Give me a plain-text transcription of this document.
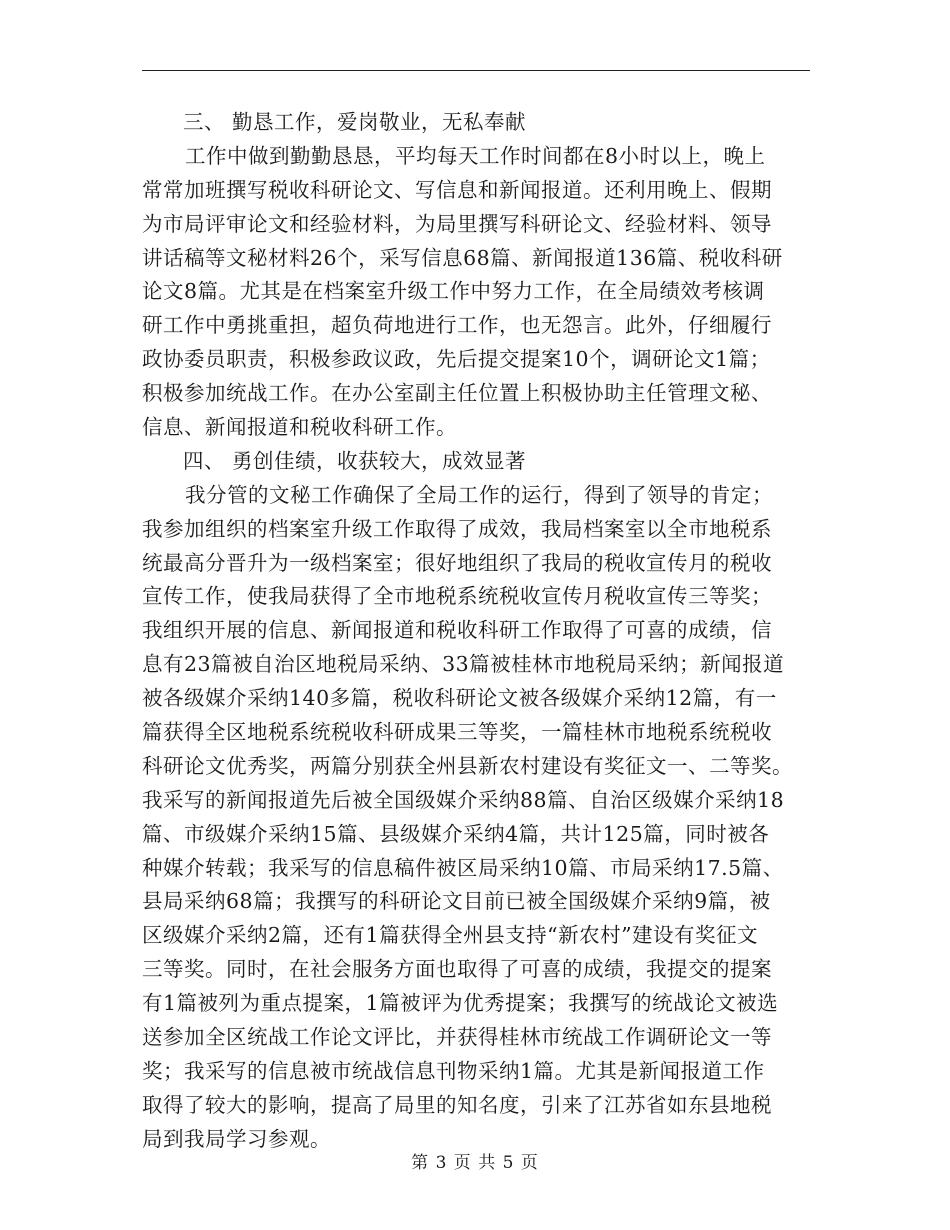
三、 勤恳工作，爱岗敬业，无私奉献
工作中做到勤勤恳恳，平均每天工作时间都在8小时以上，晚上
常常加班撰写税收科研论文、写信息和新闻报道。还利用晚上、假期
为市局评审论文和经验材料，为局里撰写科研论文、经验材料、领导
讲话稿等文秘材料26个，采写信息68篇、新闻报道136篇、税收科研
论文8篇。尤其是在档案室升级工作中努力工作，在全局绩效考核调
研工作中勇挑重担，超负荷地进行工作，也无怨言。此外，仔细履行
政协委员职责，积极参政议政，先后提交提案10个，调研论文1篇；
积极参加统战工作。在办公室副主任位置上积极协助主任管理文秘、
信息、新闻报道和税收科研工作。
四、 勇创佳绩，收获较大，成效显著
我分管的文秘工作确保了全局工作的运行，得到了领导的肯定；
我参加组织的档案室升级工作取得了成效，我局档案室以全市地税系
统最高分晋升为一级档案室；很好地组织了我局的税收宣传月的税收
宣传工作，使我局获得了全市地税系统税收宣传月税收宣传三等奖；
我组织开展的信息、新闻报道和税收科研工作取得了可喜的成绩，信
息有23篇被自治区地税局采纳、33篇被桂林市地税局采纳；新闻报道
被各级媒介采纳140多篇，税收科研论文被各级媒介采纳12篇，有一
篇获得全区地税系统税收科研成果三等奖，一篇桂林市地税系统税收
科研论文优秀奖，两篇分别获全州县新农村建设有奖征文一、二等奖。
我采写的新闻报道先后被全国级媒介采纳88篇、自治区级媒介采纳18
篇、市级媒介采纳15篇、县级媒介采纳4篇，共计125篇，同时被各
种媒介转载；我采写的信息稿件被区局采纳10篇、市局采纳17.5篇、
县局采纳68篇；我撰写的科研论文目前已被全国级媒介采纳9篇，被
区级媒介采纳2篇，还有1篇获得全州县支持“新农村”建设有奖征文
三等奖。同时，在社会服务方面也取得了可喜的成绩，我提交的提案
有1篇被列为重点提案，1篇被评为优秀提案；我撰写的统战论文被选
送参加全区统战工作论文评比，并获得桂林市统战工作调研论文一等
奖；我采写的信息被市统战信息刊物采纳1篇。尤其是新闻报道工作
取得了较大的影响，提高了局里的知名度，引来了江苏省如东县地税
局到我局学习参观。
第 3 页 共 5 页
